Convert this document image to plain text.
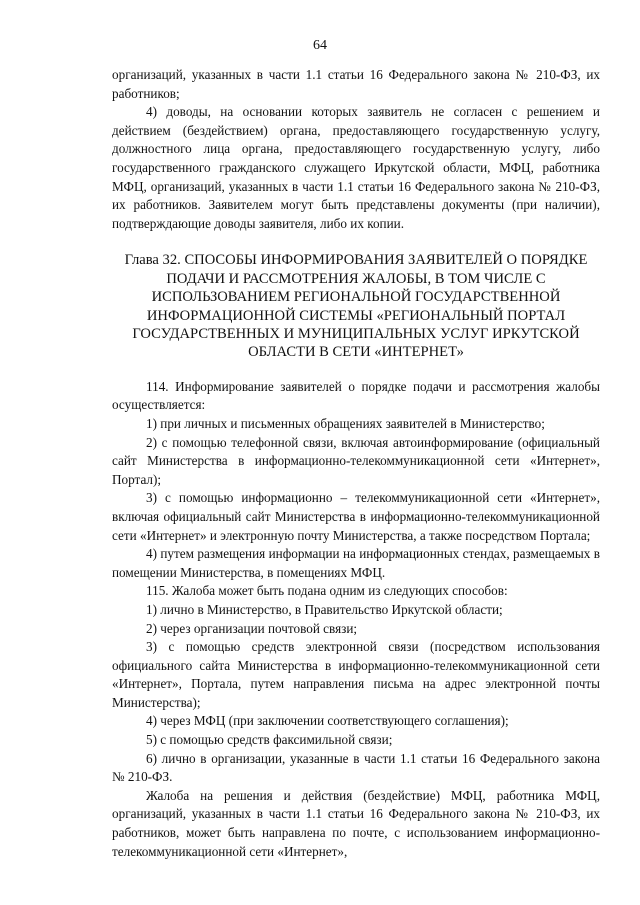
64

организаций, указанных в части 1.1 статьи 16 Федерального закона № 210-ФЗ, их работников;

4) доводы, на основании которых заявитель не согласен с решением и действием (бездействием) органа, предоставляющего государственную услугу, должностного лица органа, предоставляющего государственную услугу, либо государственного гражданского служащего Иркутской области, МФЦ, работника МФЦ, организаций, указанных в части 1.1 статьи 16 Федерального закона № 210-ФЗ, их работников. Заявителем могут быть представлены документы (при наличии), подтверждающие доводы заявителя, либо их копии.

Глава 32. СПОСОБЫ ИНФОРМИРОВАНИЯ ЗАЯВИТЕЛЕЙ О ПОРЯДКЕ ПОДАЧИ И РАССМОТРЕНИЯ ЖАЛОБЫ, В ТОМ ЧИСЛЕ С ИСПОЛЬЗОВАНИЕМ РЕГИОНАЛЬНОЙ ГОСУДАРСТВЕННОЙ ИНФОРМАЦИОННОЙ СИСТЕМЫ «РЕГИОНАЛЬНЫЙ ПОРТАЛ ГОСУДАРСТВЕННЫХ И МУНИЦИПАЛЬНЫХ УСЛУГ ИРКУТСКОЙ ОБЛАСТИ В СЕТИ «ИНТЕРНЕТ»

114. Информирование заявителей о порядке подачи и рассмотрения жалобы осуществляется:

1) при личных и письменных обращениях заявителей в Министерство;

2) с помощью телефонной связи, включая автоинформирование (официальный сайт Министерства в информационно-телекоммуникационной сети «Интернет», Портал);

3) с помощью информационно – телекоммуникационной сети «Интернет», включая официальный сайт Министерства в информационно-телекоммуникационной сети «Интернет» и электронную почту Министерства, а также посредством Портала;

4) путем размещения информации на информационных стендах, размещаемых в помещении Министерства, в помещениях МФЦ.

115. Жалоба может быть подана одним из следующих способов:

1) лично в Министерство, в Правительство Иркутской области;

2) через организации почтовой связи;

3) с помощью средств электронной связи (посредством использования официального сайта Министерства в информационно-телекоммуникационной сети «Интернет», Портала, путем направления письма на адрес электронной почты Министерства);

4) через МФЦ (при заключении соответствующего соглашения);

5) с помощью средств факсимильной связи;

6) лично в организации, указанные в части 1.1 статьи 16 Федерального закона № 210-ФЗ.

Жалоба на решения и действия (бездействие) МФЦ, работника МФЦ, организаций, указанных в части 1.1 статьи 16 Федерального закона № 210-ФЗ, их работников, может быть направлена по почте, с использованием информационно-телекоммуникационной сети «Интернет»,
